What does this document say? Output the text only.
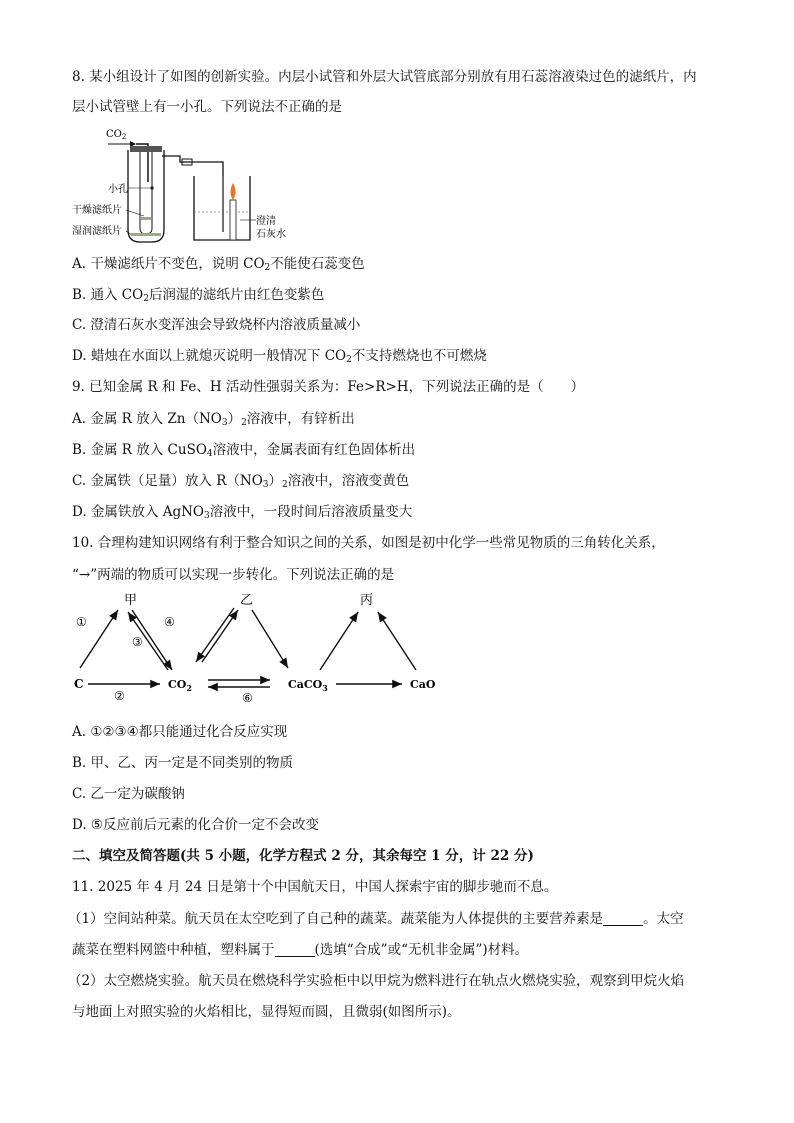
8. 某小组设计了如图的创新实验。内层小试管和外层大试管底部分别放有用石蕊溶液染过色的滤纸片，内
层小试管壁上有一小孔。下列说法不正确的是
$CO_2$
小孔
干燥滤纸片
湿润滤纸片
澄清
石灰水
A. 干燥滤纸片不变色，说明 $CO_2$不能使石蕊变色
B. 通入 $CO_2$后润湿的滤纸片由红色变紫色
C. 澄清石灰水变浑浊会导致烧杯内溶液质量减小
D. 蜡烛在水面以上就熄灭说明一般情况下 $CO_2$不支持燃烧也不可燃烧
9. 已知金属 R 和 Fe、H 活动性强弱关系为：Fe>R>H，下列说法正确的是（　　）
A. 金属 R 放入 $Zn(NO_3)_2$溶液中，有锌析出
B. 金属 R 放入 CuSO$_4$溶液中，金属表面有红色固体析出
C. 金属铁（足量）放入 $R(NO_3)_2$溶液中，溶液变黄色
D. 金属铁放入 AgNO$_3$溶液中，一段时间后溶液质量变大
10. 合理构建知识网络有利于整合知识之间的关系，如图是初中化学一些常见物质的三角转化关系，
“→”两端的物质可以实现一步转化。下列说法正确的是
甲	乙	丙
C	$CO_2$	CaCO$_3$	CaO
①
③
④
②	⑥
A. ①②③④都只能通过化合反应实现
B. 甲、乙、丙一定是不同类别的物质
C. 乙一定为碳酸钠
D. ⑤反应前后元素的化合价一定不会改变
二、填空及简答题(共 5 小题，化学方程式 2 分，其余每空 1 分，计 22 分)
11. 2025 年 4 月 24 日是第十个中国航天日，中国人探索宇宙的脚步驰而不息。
（1）空间站种菜。航天员在太空吃到了自己种的蔬菜。蔬菜能为人体提供的主要营养素是	。太空
蔬菜在塑料网篮中种植，塑料属于	(选填“合成”或“无机非金属”)材料。
（2）太空燃烧实验。航天员在燃烧科学实验柜中以甲烷为燃料进行在轨点火燃烧实验，观察到甲烷火焰
与地面上对照实验的火焰相比，显得短而圆，且微弱(如图所示)。
